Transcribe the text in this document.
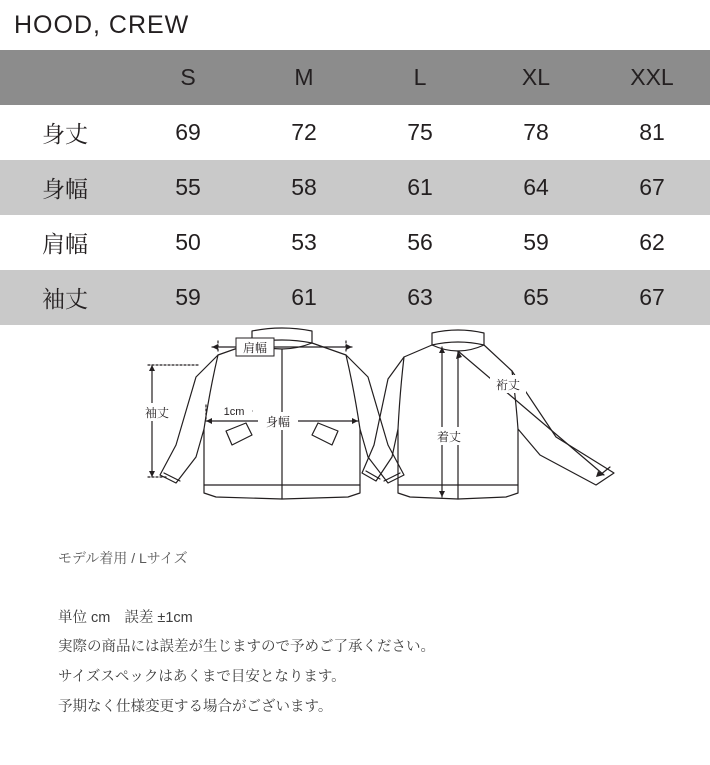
HOOD, CREW
	S	M	L	XL	XXL
身丈	69	72	75	78	81
身幅	55	58	61	64	67
肩幅	50	53	56	59	62
袖丈	59	61	63	65	67
肩幅
袖丈
身幅
1cm
裄丈
着丈
モデル着用 / Lサイズ
単位 cm 誤差 ±1cm
実際の商品には誤差が生じますので予めご了承ください。
サイズスペックはあくまで目安となります。
予期なく仕様変更する場合がございます。
